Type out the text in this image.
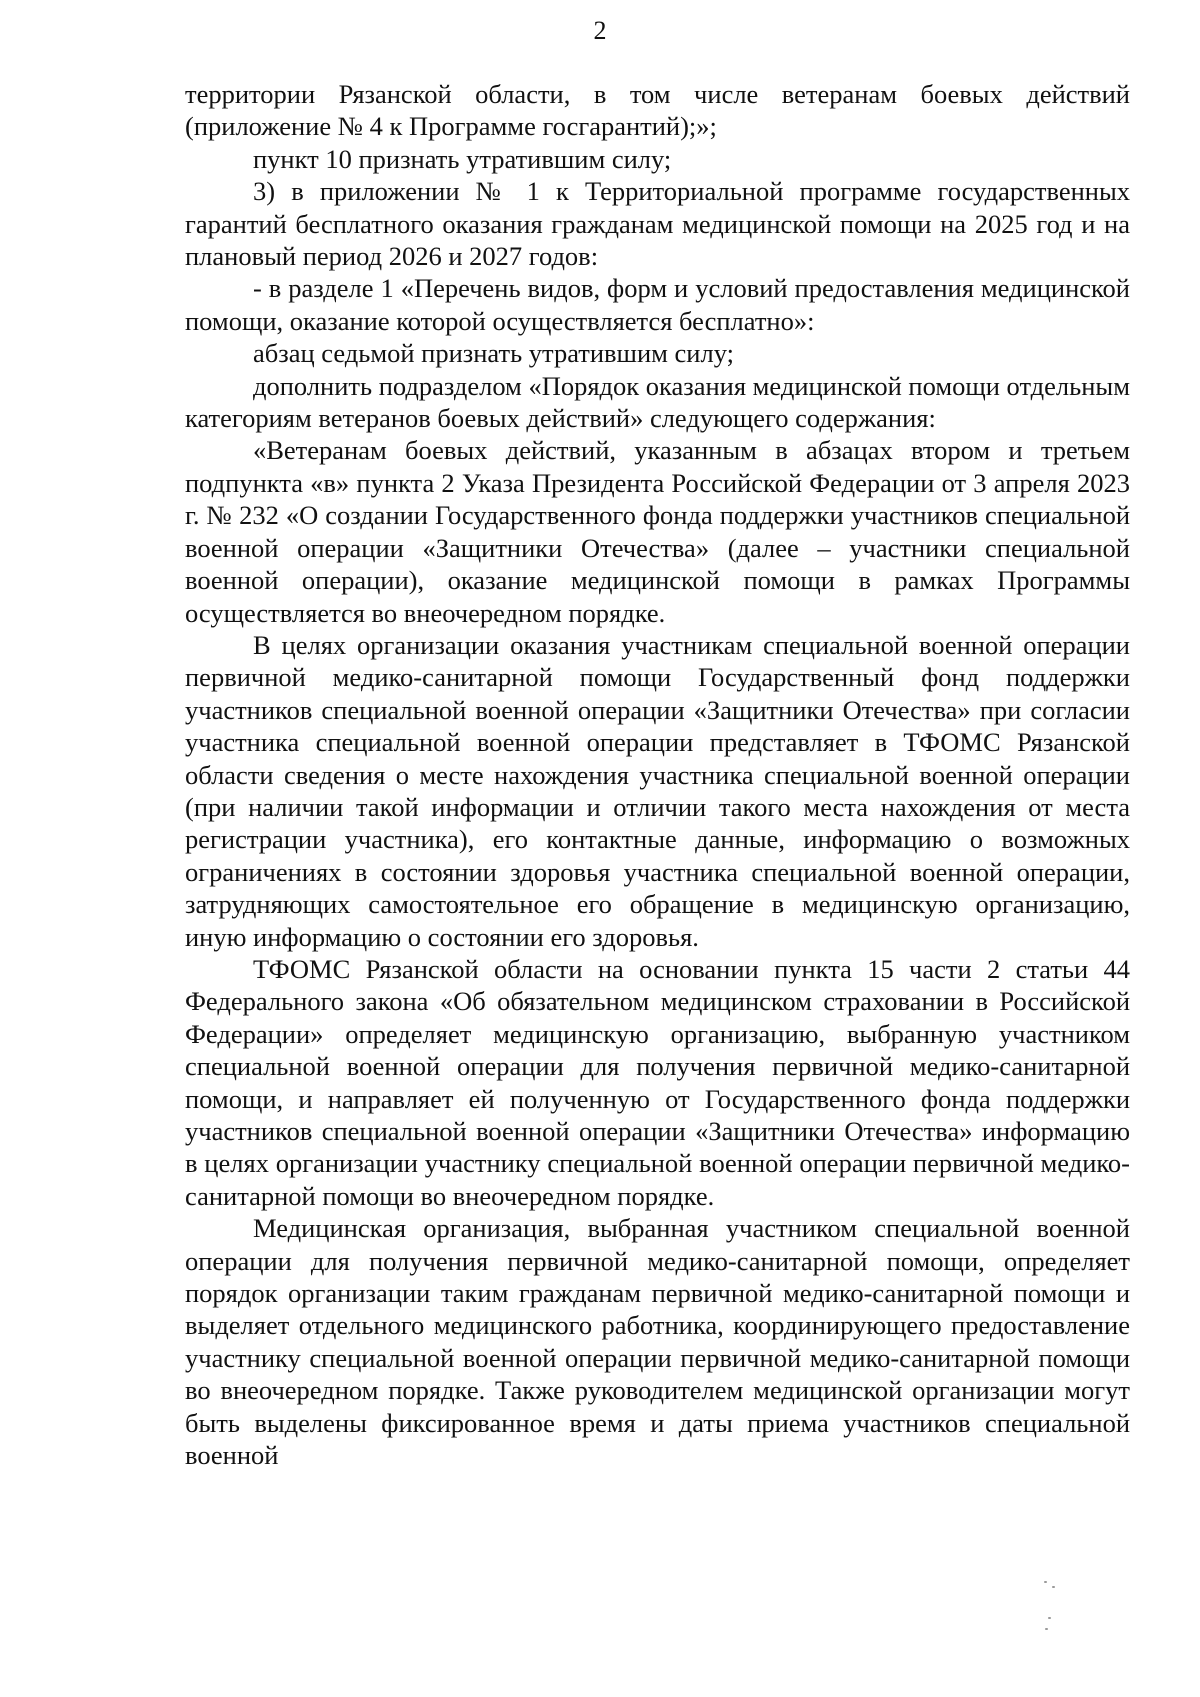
2

территории Рязанской области, в том числе ветеранам боевых действий (приложение № 4 к Программе госгарантий);»;

пункт 10 признать утратившим силу;

3) в приложении № 1 к Территориальной программе государственных гарантий бесплатного оказания гражданам медицинской помощи на 2025 год и на плановый период 2026 и 2027 годов:

- в разделе 1 «Перечень видов, форм и условий предоставления медицинской помощи, оказание которой осуществляется бесплатно»:

абзац седьмой признать утратившим силу;

дополнить подразделом «Порядок оказания медицинской помощи отдельным категориям ветеранов боевых действий» следующего содержания:

«Ветеранам боевых действий, указанным в абзацах втором и третьем подпункта «в» пункта 2 Указа Президента Российской Федерации от 3 апреля 2023 г. № 232 «О создании Государственного фонда поддержки участников специальной военной операции «Защитники Отечества» (далее – участники специальной военной операции), оказание медицинской помощи в рамках Программы осуществляется во внеочередном порядке.

В целях организации оказания участникам специальной военной операции первичной медико-санитарной помощи Государственный фонд поддержки участников специальной военной операции «Защитники Отечества» при согласии участника специальной военной операции представляет в ТФОМС Рязанской области сведения о месте нахождения участника специальной военной операции (при наличии такой информации и отличии такого места нахождения от места регистрации участника), его контактные данные, информацию о возможных ограничениях в состоянии здоровья участника специальной военной операции, затрудняющих самостоятельное его обращение в медицинскую организацию, иную информацию о состоянии его здоровья.

ТФОМС Рязанской области на основании пункта 15 части 2 статьи 44 Федерального закона «Об обязательном медицинском страховании в Российской Федерации» определяет медицинскую организацию, выбранную участником специальной военной операции для получения первичной медико-санитарной помощи, и направляет ей полученную от Государственного фонда поддержки участников специальной военной операции «Защитники Отечества» информацию в целях организации участнику специальной военной операции первичной медико-санитарной помощи во внеочередном порядке.

Медицинская организация, выбранная участником специальной военной операции для получения первичной медико-санитарной помощи, определяет порядок организации таким гражданам первичной медико-санитарной помощи и выделяет отдельного медицинского работника, координирующего предоставление участнику специальной военной операции первичной медико-санитарной помощи во внеочередном порядке. Также руководителем медицинской организации могут быть выделены фиксированное время и даты приема участников специальной военной
